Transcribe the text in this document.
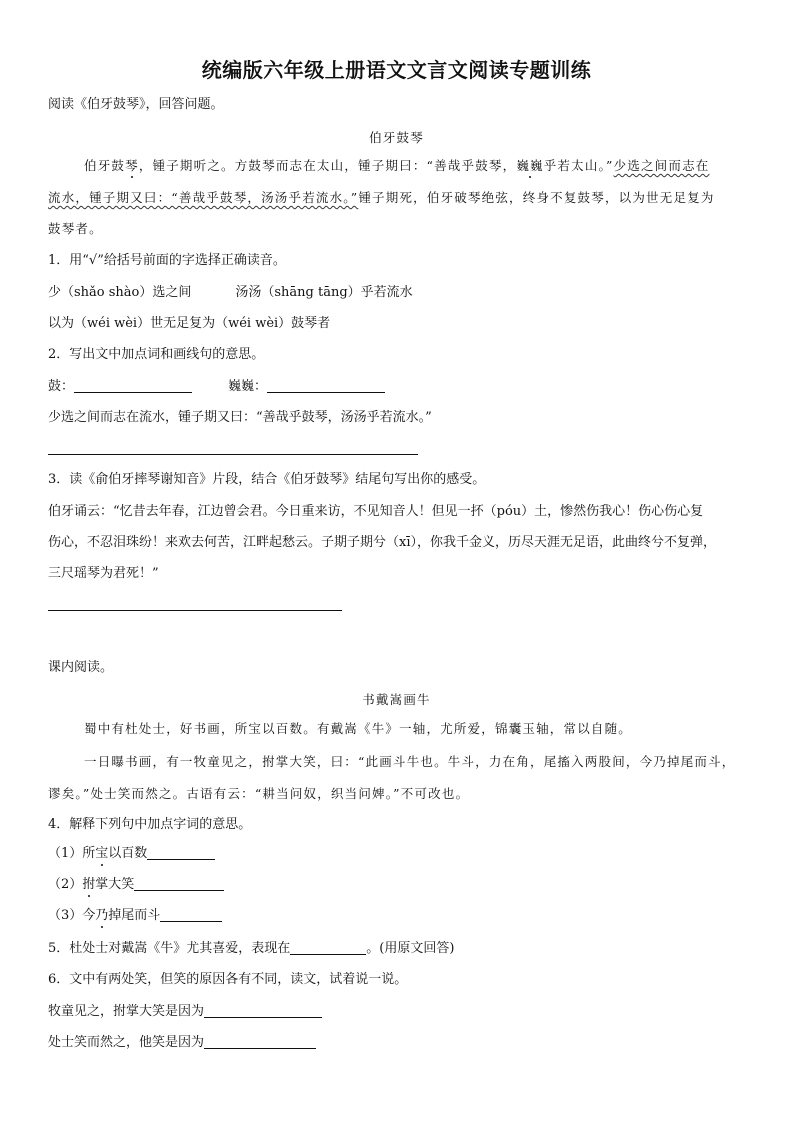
统编版六年级上册语文文言文阅读专题训练
阅读《伯牙鼓琴》，回答问题。
伯牙鼓琴
伯牙鼓琴，锺子期听之。方鼓琴而志在太山，锺子期曰：“善哉乎鼓琴，巍巍乎若太山。”少选之间而志在
流水，锺子期又曰：“善哉乎鼓琴，汤汤乎若流水。”锺子期死，伯牙破琴绝弦，终身不复鼓琴，以为世无足复为
鼓琴者。
1．用“√”给括号前面的字选择正确读音。
少（shǎo shào）选之间	汤汤（shāng tāng）乎若流水
以为（wéi wèi）世无足复为（wéi wèi）鼓琴者
2．写出文中加点词和画线句的意思。
鼓：	巍巍：
少选之间而志在流水，锺子期又曰：“善哉乎鼓琴，汤汤乎若流水。”
3．读《俞伯牙摔琴谢知音》片段，结合《伯牙鼓琴》结尾句写出你的感受。
伯牙诵云：“忆昔去年春，江边曾会君。今日重来访，不见知音人！但见一抔（póu）土，惨然伤我心！伤心伤心复
伤心，不忍泪珠纷！来欢去何苦，江畔起愁云。子期子期兮（xī），你我千金义，历尽天涯无足语，此曲终兮不复弹，
三尺瑶琴为君死！”
课内阅读。
书戴嵩画牛
蜀中有杜处士，好书画，所宝以百数。有戴嵩《牛》一轴，尤所爱，锦囊玉轴，常以自随。
一日曝书画，有一牧童见之，拊掌大笑，曰：“此画斗牛也。牛斗，力在角，尾搐入两股间，今乃掉尾而斗，
谬矣。”处士笑而然之。古语有云：“耕当问奴，织当问婢。”不可改也。
4．解释下列句中加点字词的意思。
（1）所宝以百数
（2）拊掌大笑
（3）今乃掉尾而斗
5．杜处士对戴嵩《牛》尤其喜爱，表现在	。(用原文回答)
6．文中有两处笑，但笑的原因各有不同，读文，试着说一说。
牧童见之，拊掌大笑是因为
处士笑而然之，他笑是因为
